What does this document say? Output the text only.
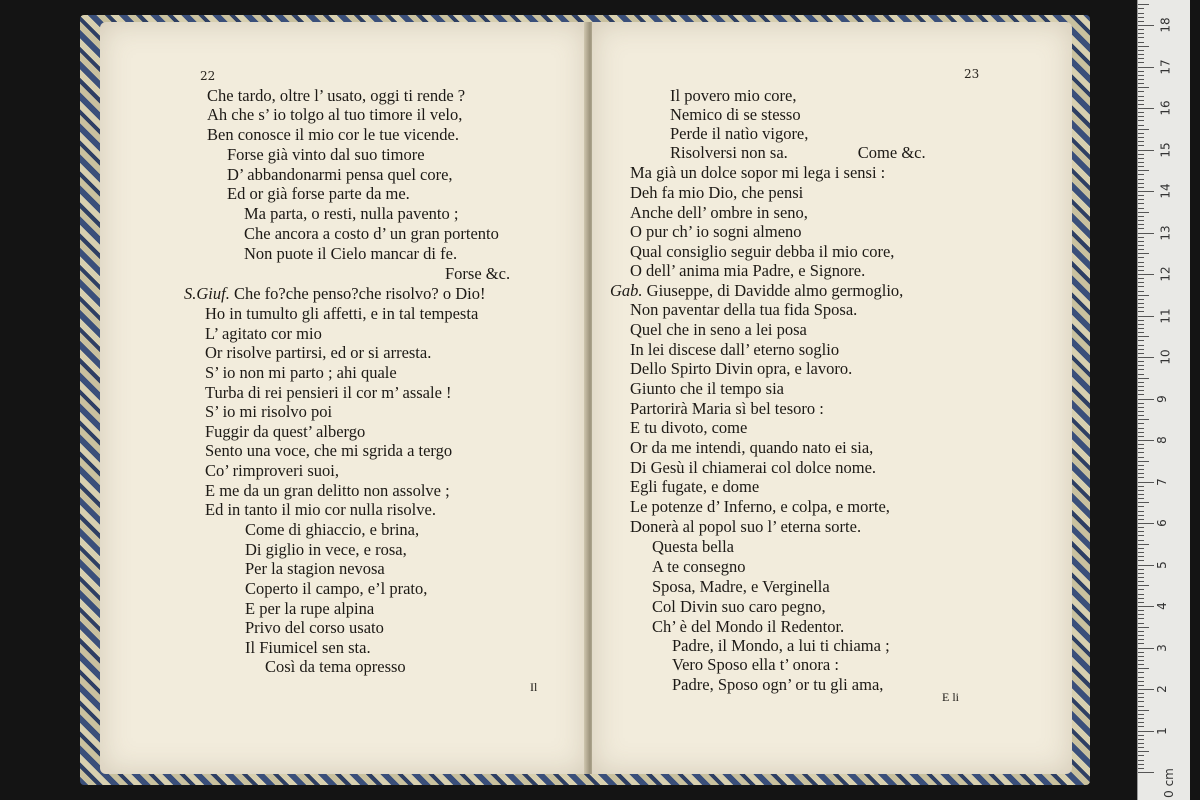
22
Il
23
E li
Che tardo, oltre l’ usato, oggi ti rende ?
Ah che s’ io tolgo al tuo timore il velo,
Ben conosce il mio cor le tue vicende.
Forse già vinto dal suo timore
D’ abbandonarmi pensa quel core,
Ed or già forse parte da me.
Ma parta, o resti, nulla pavento ;
Che ancora a costo d’ un gran portento
Non puote il Cielo mancar di fe.
Forse &c.
S.Giuf. Che fo?che penso?che risolvo? o Dio!
Ho in tumulto gli affetti, e in tal tempesta
L’ agitato cor mio
Or risolve partirsi, ed or si arresta.
S’ io non mi parto ; ahi quale
Turba di rei pensieri il cor m’ assale !
S’ io mi risolvo poi
Fuggir da quest’ albergo
Sento una voce, che mi sgrida a tergo
Co’ rimproveri suoi,
E me da un gran delitto non assolve ;
Ed in tanto il mio cor nulla risolve.
Come di ghiaccio, e brina,
Di giglio in vece, e rosa,
Per la stagion nevosa
Coperto il campo, e’l prato,
E per la rupe alpina
Privo del corso usato
Il Fiumicel sen sta.
Così da tema opresso
Il povero mio core,
Nemico di se stesso
Perde il natìo vigore,
Risolversi non sa.	Come &c.
Ma già un dolce sopor mi lega i sensi :
Deh fa mio Dio, che pensi
Anche dell’ ombre in seno,
O pur ch’ io sogni almeno
Qual consiglio seguir debba il mio core,
O dell’ anima mia Padre, e Signore.
Gab. Giuseppe, di Davidde almo germoglio,
Non paventar della tua fida Sposa.
Quel che in seno a lei posa
In lei discese dall’ eterno soglio
Dello Spirto Divin opra, e lavoro.
Giunto che il tempo sia
Partorirà Maria sì bel tesoro :
E tu divoto, come
Or da me intendi, quando nato ei sia,
Di Gesù il chiamerai col dolce nome.
Egli fugate, e dome
Le potenze d’ Inferno, e colpa, e morte,
Donerà al popol suo l’ eterna sorte.
Questa bella
A te consegno
Sposa, Madre, e Verginella
Col Divin suo caro pegno,
Ch’ è del Mondo il Redentor.
Padre, il Mondo, a lui ti chiama ;
Vero Sposo ella t’ onora :
Padre, Sposo ogn’ or tu gli ama,
0 cm
18
17
16
15
14
13
12
11
10
9
8
7
6
5
4
3
2
1
